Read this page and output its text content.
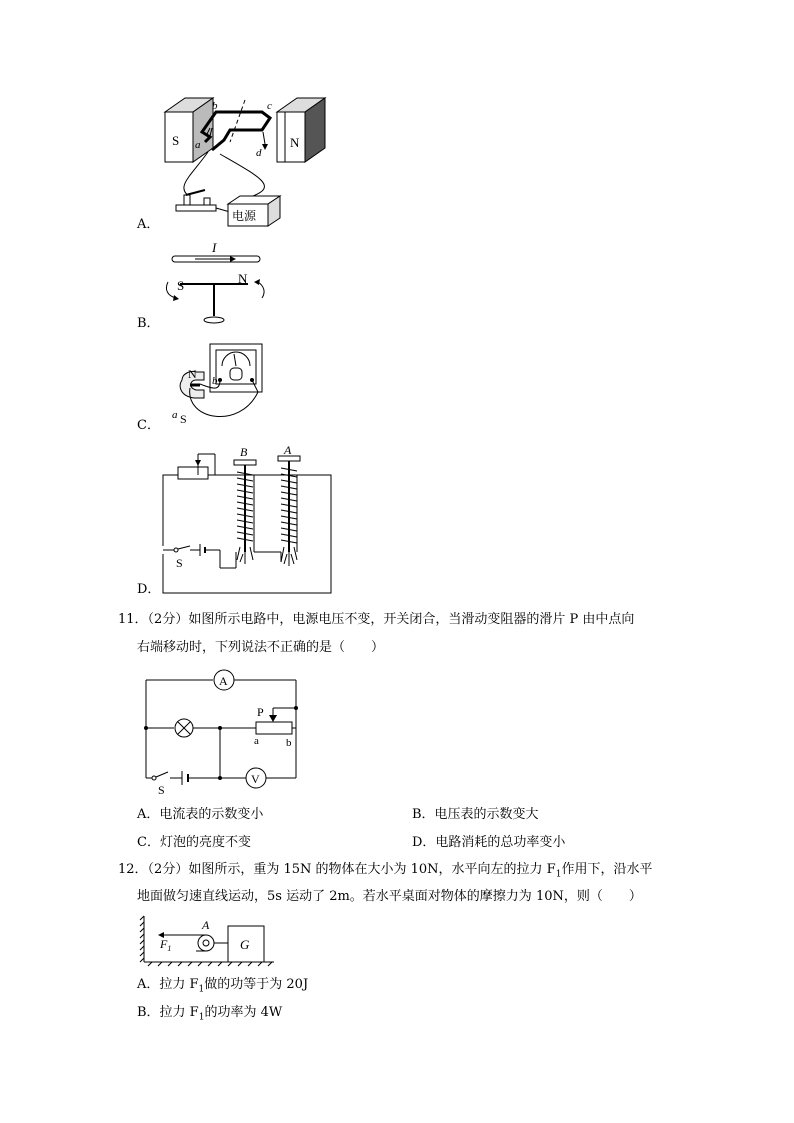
S	N
a
b	c
d
电源
A．
I
S	N
B．
N
S
a
b
C．
B	A
S
D．
11．（2分）如图所示电路中，电源电压不变，开关闭合，当滑动变阻器的滑片 P 由中点向
右端移动时，下列说法不正确的是（　　）
A
P
a b
V
S
A．电流表的示数变小	B．电压表的示数变大
C．灯泡的亮度不变	D．电路消耗的总功率变小
12．（2分）如图所示，重为 15N 的物体在大小为 10N，水平向左的拉力 $F_1$作用下，沿水平
地面做匀速直线运动，5s 运动了 2m。若水平桌面对物体的摩擦力为 10N，则（　　）
$F_1$
A
G
A．拉力 $F_1$做的功等于为 20J
B．拉力 $F_1$的功率为 4W
